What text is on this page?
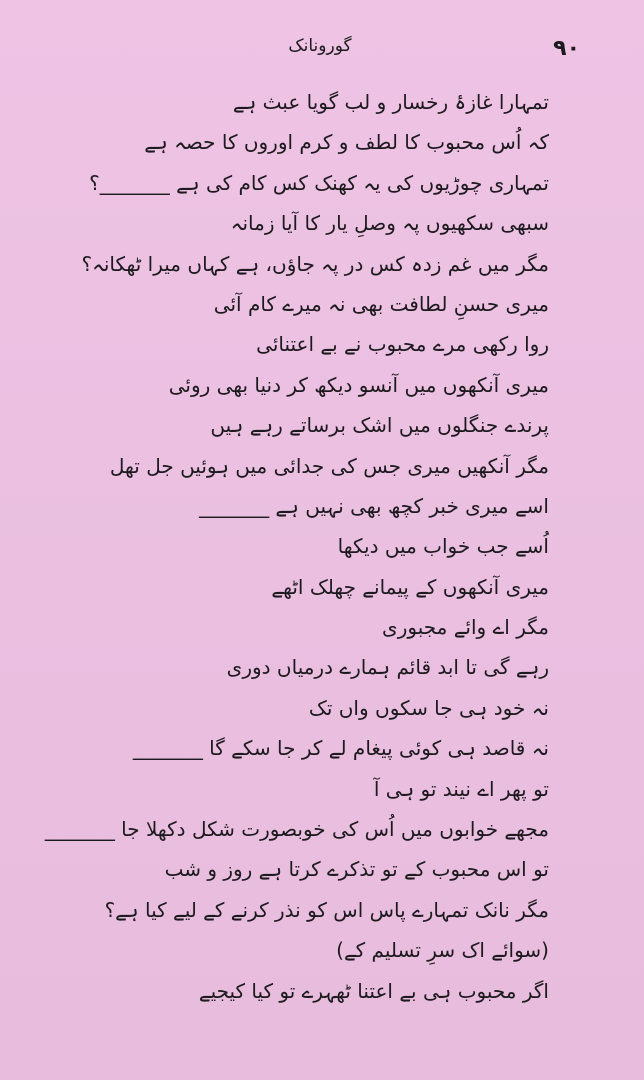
گورونانک	۹۰
تمہارا غازۂ رخسار و لب گویا عبث ہے
کہ اُس محبوب کا لطف و کرم اوروں کا حصہ ہے
تمہاری چوڑیوں کی یہ کھنک کس کام کی ہے _______؟
سبھی سکھیوں پہ وصلِ یار کا آیا زمانہ
مگر میں غم زدہ کس در پہ جاؤں، ہے کہاں میرا ٹھکانہ؟
میری حسنِ لطافت بھی نہ میرے کام آئی
روا رکھی مرے محبوب نے بے اعتنائی
میری آنکھوں میں آنسو دیکھ کر دنیا بھی روئی
پرندے جنگلوں میں اشک برساتے رہے ہیں
مگر آنکھیں میری جس کی جدائی میں ہوئیں جل تھل
اسے میری خبر کچھ بھی نہیں ہے _______
اُسے جب خواب میں دیکھا
میری آنکھوں کے پیمانے چھلک اٹھے
مگر اے وائے مجبوری
رہے گی تا ابد قائم ہمارے درمیاں دوری
نہ خود ہی جا سکوں واں تک
نہ قاصد ہی کوئی پیغام لے کر جا سکے گا _______
تو پھر اے نیند تو ہی آ
مجھے خوابوں میں اُس کی خوبصورت شکل دکھلا جا _______
تو اس محبوب کے تو تذکرے کرتا ہے روز و شب
مگر نانک تمہارے پاس اس کو نذر کرنے کے لیے کیا ہے؟
(سوائے اک سرِ تسلیم کے)
اگر محبوب ہی بے اعتنا ٹھہرے تو کیا کیجیے
